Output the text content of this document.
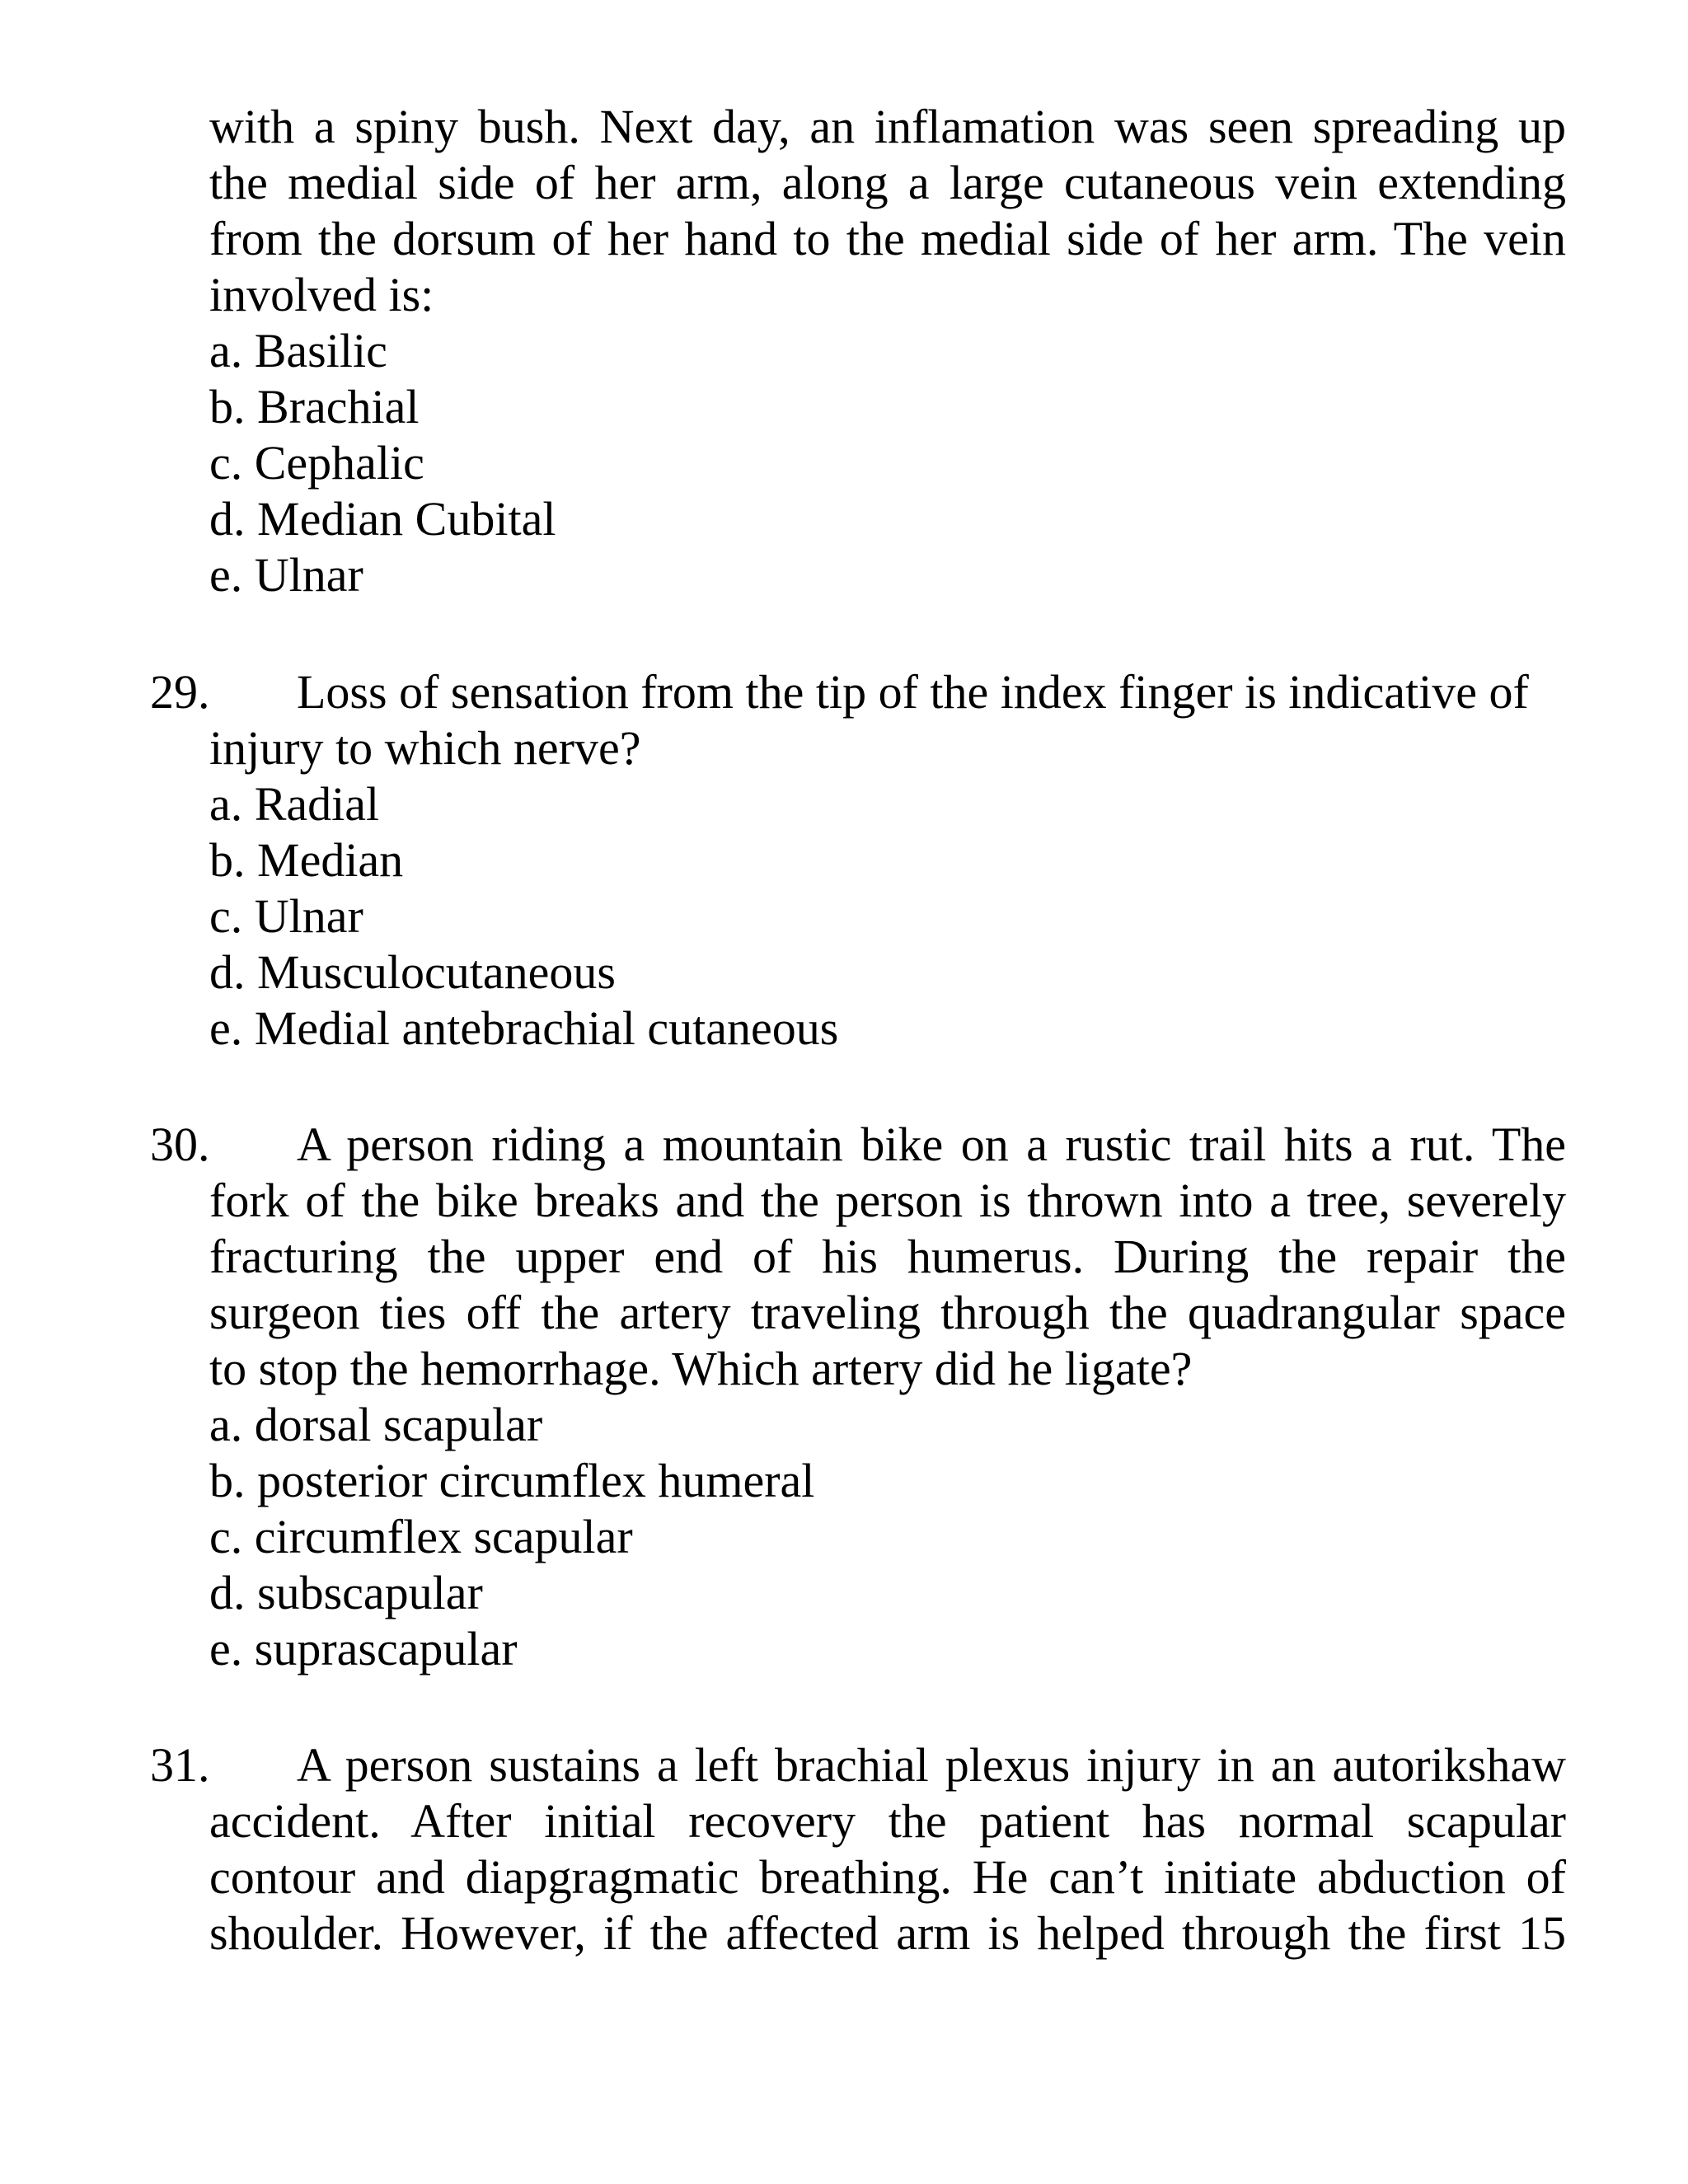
with a spiny bush. Next day, an inflamation was seen spreading up
the medial side of her arm, along a large cutaneous vein extending
from the dorsum of her hand to the medial side of her arm. The vein
involved is:
a. Basilic
b. Brachial
c. Cephalic
d. Median Cubital
e. Ulnar
29.	Loss of sensation from the tip of the index finger is indicative of
injury to which nerve?
a. Radial
b. Median
c. Ulnar
d. Musculocutaneous
e. Medial antebrachial cutaneous
30.	A person riding a mountain bike on a rustic trail hits a rut. The
fork of the bike breaks and the person is thrown into a tree, severely
fracturing the upper end of his humerus. During the repair the
surgeon ties off the artery traveling through the quadrangular space
to stop the hemorrhage. Which artery did he ligate?
a. dorsal scapular
b. posterior circumflex humeral
c. circumflex scapular
d. subscapular
e. suprascapular
31.	A person sustains a left brachial plexus injury in an autorikshaw
accident. After initial recovery the patient has normal scapular
contour and diapgragmatic breathing. He can’t initiate abduction of
shoulder. However, if the affected arm is helped through the first 15
